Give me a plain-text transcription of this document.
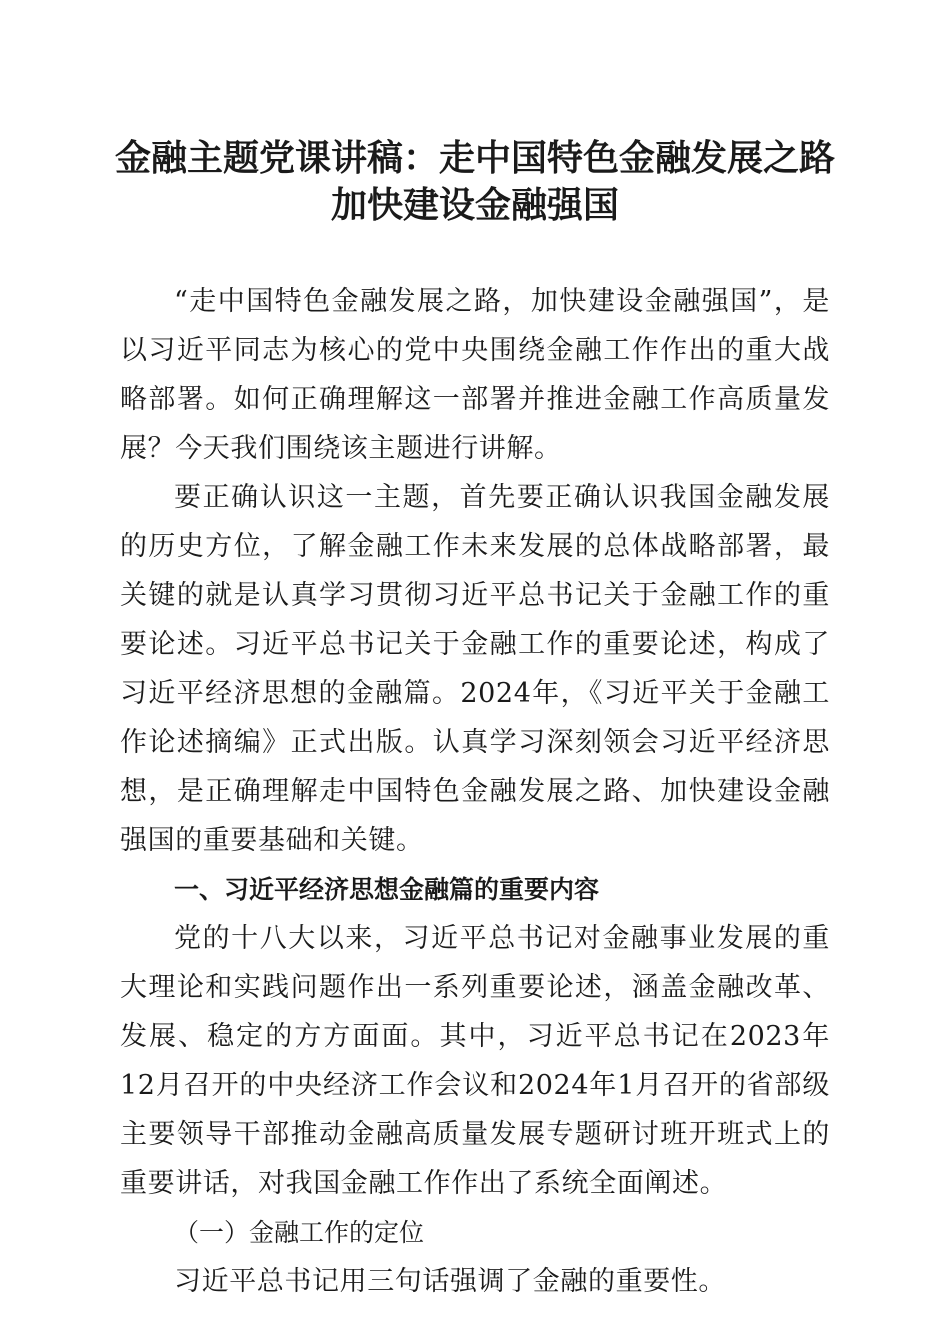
金融主题党课讲稿：走中国特色金融发展之路
加快建设金融强国

“走中国特色金融发展之路，加快建设金融强国”，是以习近平同志为核心的党中央围绕金融工作作出的重大战略部署。如何正确理解这一部署并推进金融工作高质量发展？今天我们围绕该主题进行讲解。

要正确认识这一主题，首先要正确认识我国金融发展的历史方位，了解金融工作未来发展的总体战略部署，最关键的就是认真学习贯彻习近平总书记关于金融工作的重要论述。习近平总书记关于金融工作的重要论述，构成了习近平经济思想的金融篇。2024年，《习近平关于金融工作论述摘编》正式出版。认真学习深刻领会习近平经济思想，是正确理解走中国特色金融发展之路、加快建设金融强国的重要基础和关键。

一、习近平经济思想金融篇的重要内容

党的十八大以来，习近平总书记对金融事业发展的重大理论和实践问题作出一系列重要论述，涵盖金融改革、发展、稳定的方方面面。其中，习近平总书记在2023年12月召开的中央经济工作会议和2024年1月召开的省部级主要领导干部推动金融高质量发展专题研讨班开班式上的重要讲话，对我国金融工作作出了系统全面阐述。

（一）金融工作的定位

习近平总书记用三句话强调了金融的重要性。
